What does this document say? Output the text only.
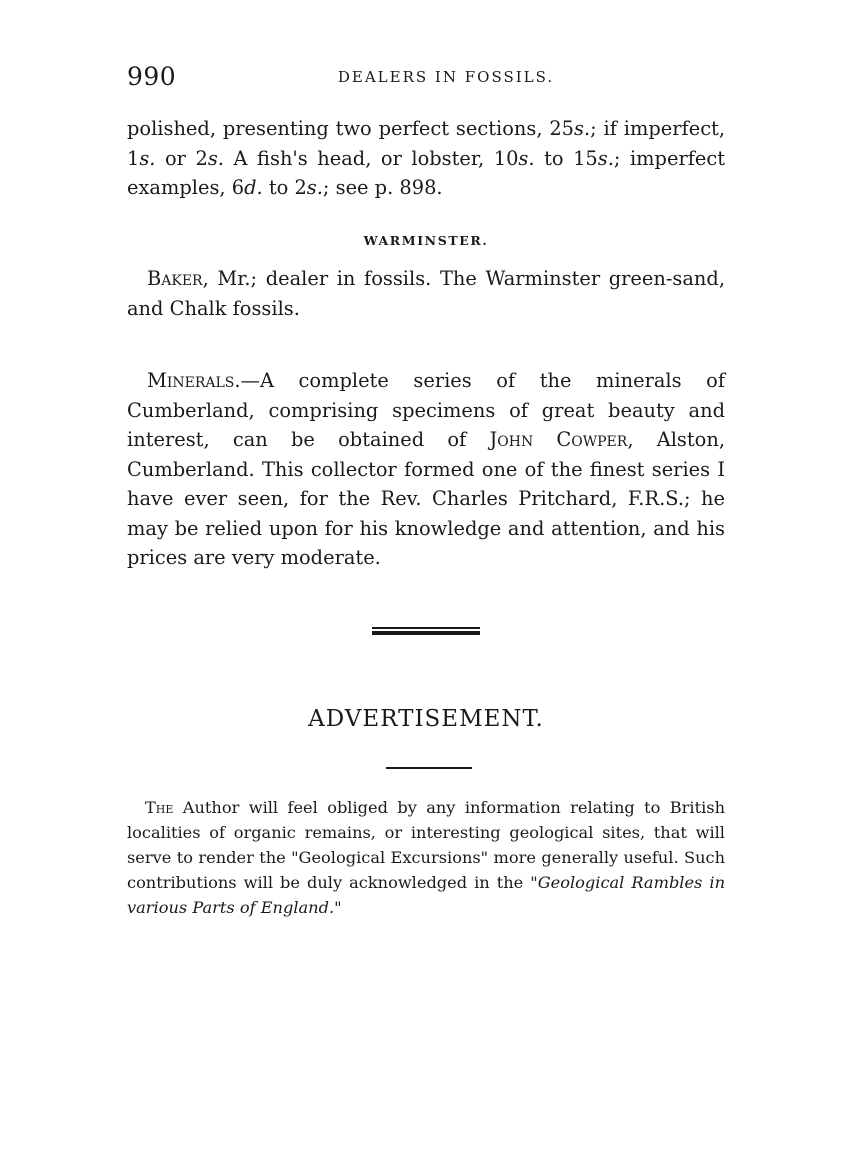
990	DEALERS IN FOSSILS.

polished, presenting two perfect sections, 25s.; if imperfect, 1s. or 2s. A fish's head, or lobster, 10s. to 15s.; imperfect examples, 6d. to 2s.; see p. 898.

WARMINSTER.

Baker, Mr.; dealer in fossils. The Warminster green-sand, and Chalk fossils.

Minerals.—A complete series of the minerals of Cumberland, comprising specimens of great beauty and interest, can be obtained of John Cowper, Alston, Cumberland. This collector formed one of the finest series I have ever seen, for the Rev. Charles Pritchard, F.R.S.; he may be relied upon for his knowledge and attention, and his prices are very moderate.

ADVERTISEMENT.

The Author will feel obliged by any information relating to British localities of organic remains, or interesting geological sites, that will serve to render the "Geological Excursions" more generally useful. Such contributions will be duly acknowledged in the "Geological Rambles in various Parts of England."
